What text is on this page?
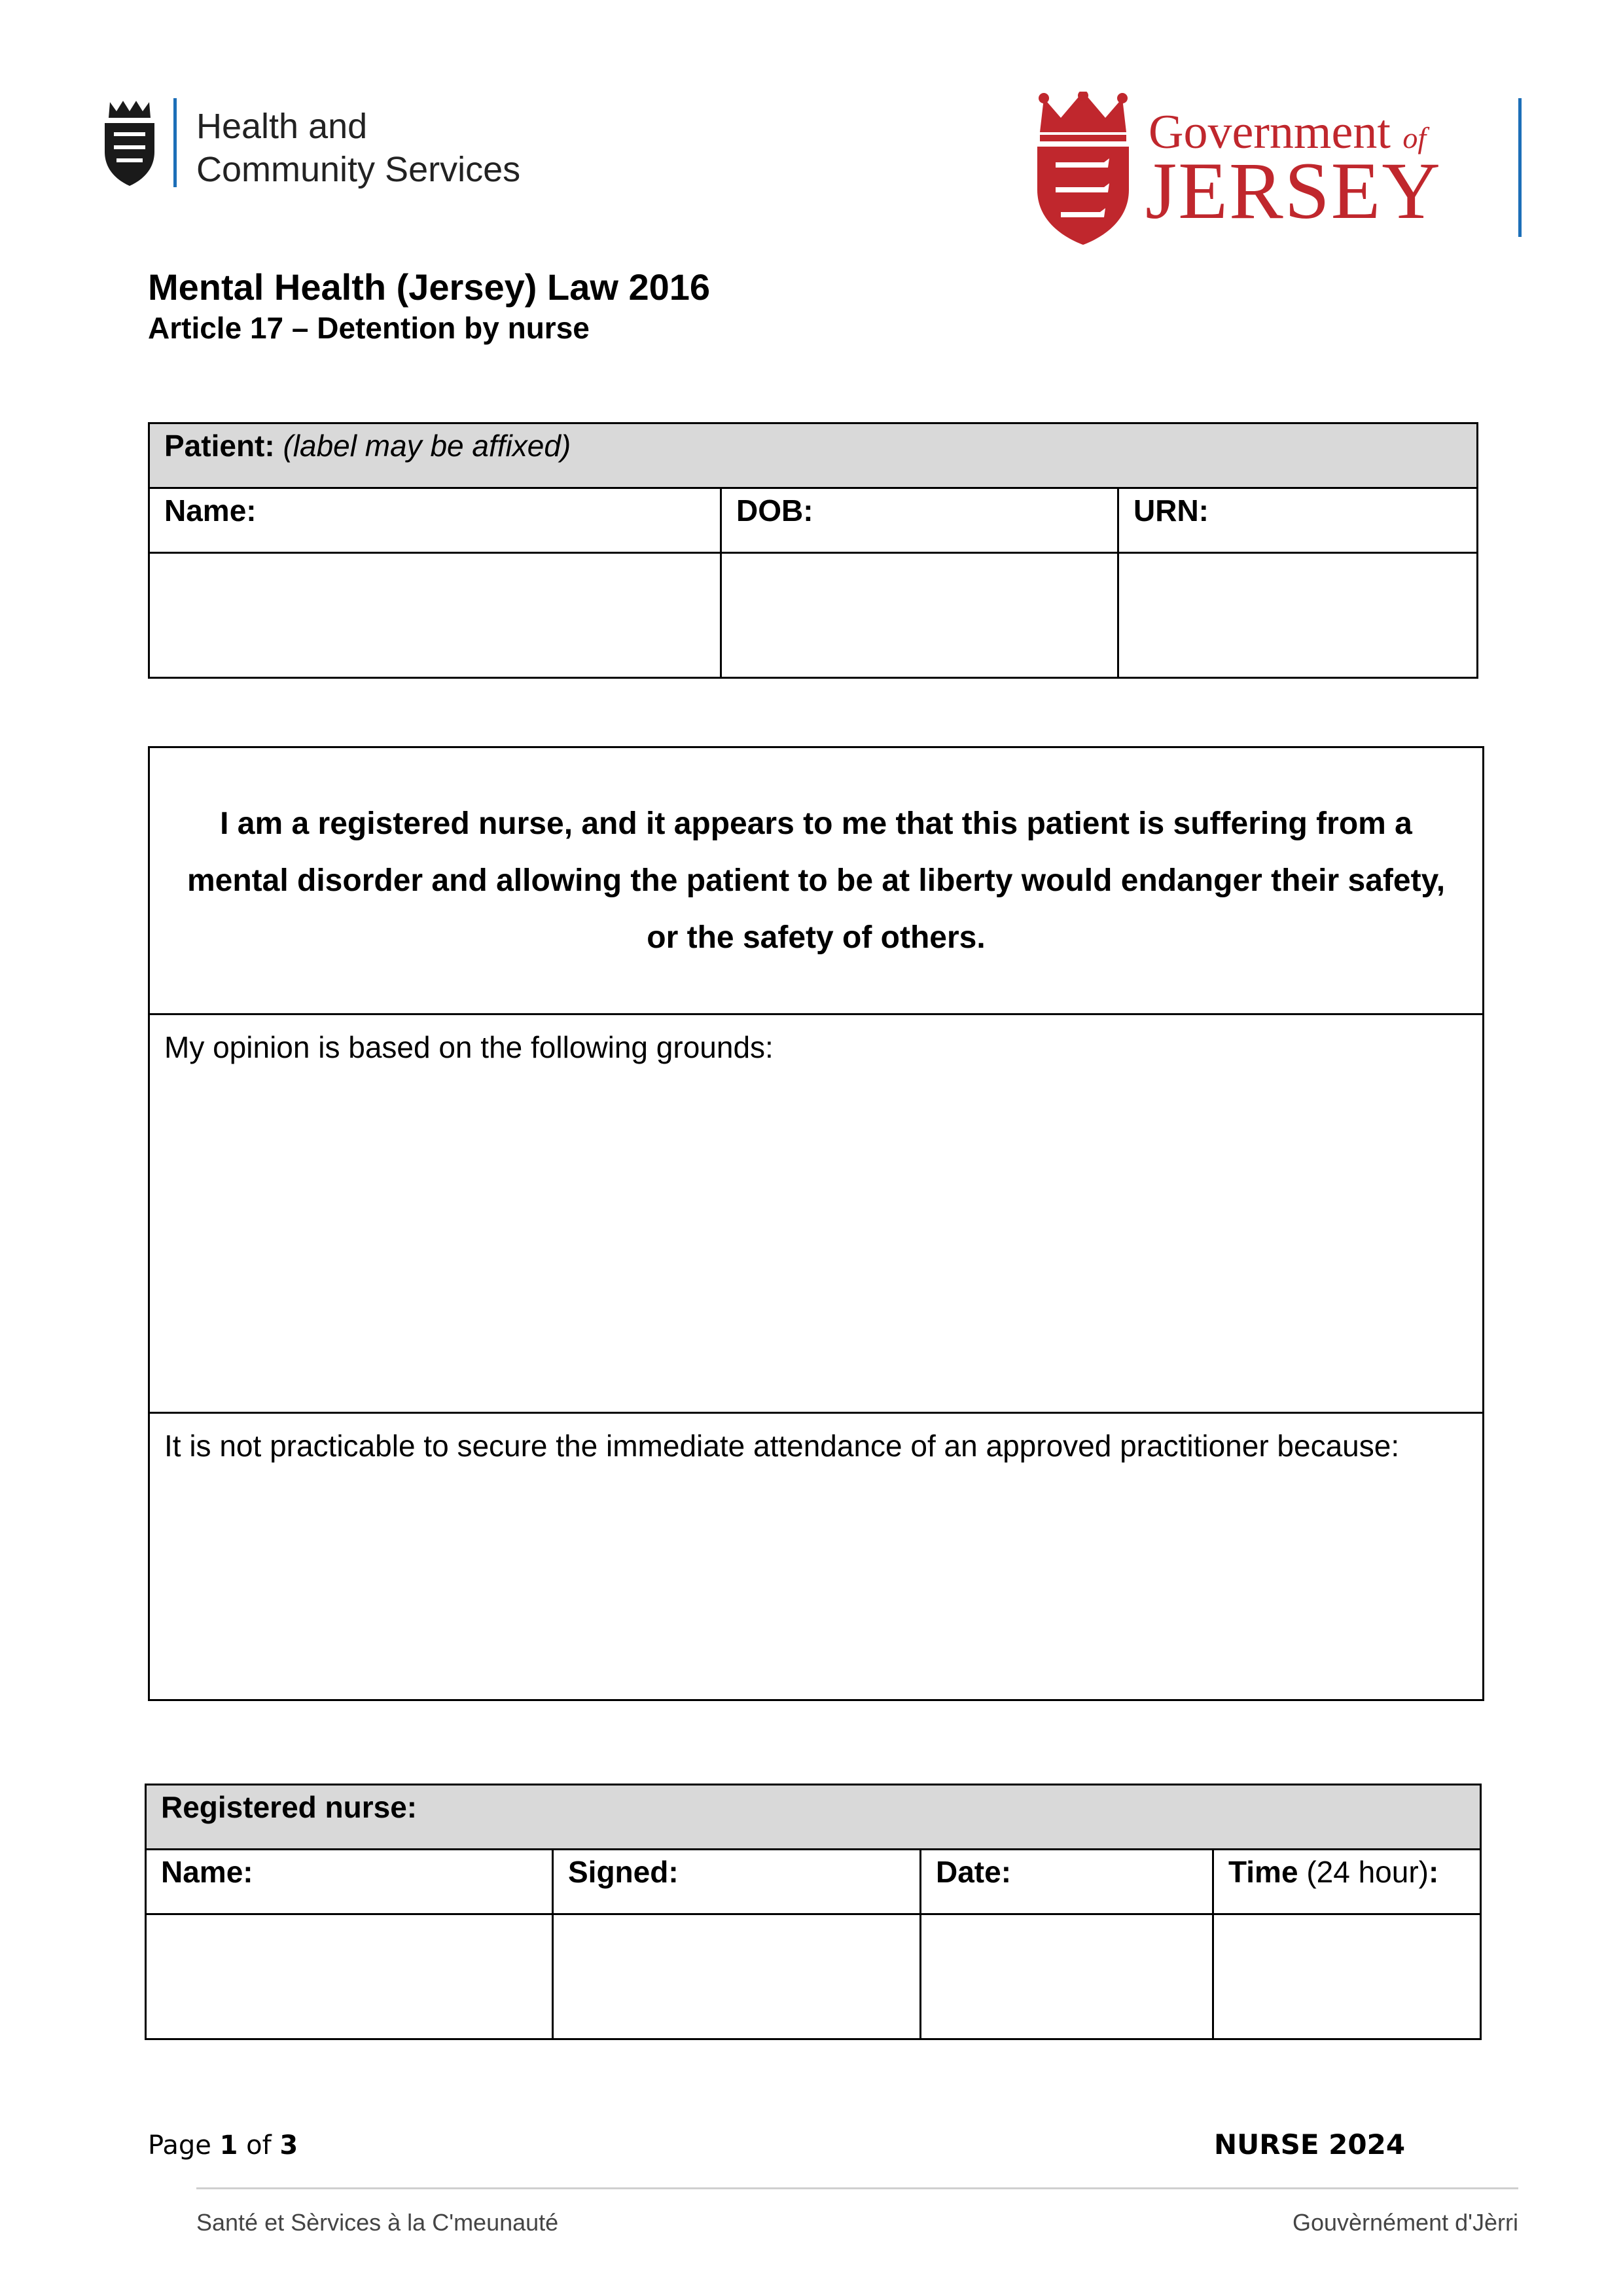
Health and
Community Services
Government of
JERSEY
Mental Health (Jersey) Law 2016
Article 17 – Detention by nurse
Patient: (label may be affixed)		
Name:	DOB:	URN:

I am a registered nurse, and it appears to me that this patient is suffering from a mental disorder and allowing the patient to be at liberty would endanger their safety, or the safety of others.
My opinion is based on the following grounds:
It is not practicable to secure the immediate attendance of an approved practitioner because:
Registered nurse:			
Name:	Signed:	Date:	Time (24 hour):

Page 1 of 3	NURSE 2024
Santé et Sèrvices à la C'meunauté	Gouvèrnément d'Jèrri
